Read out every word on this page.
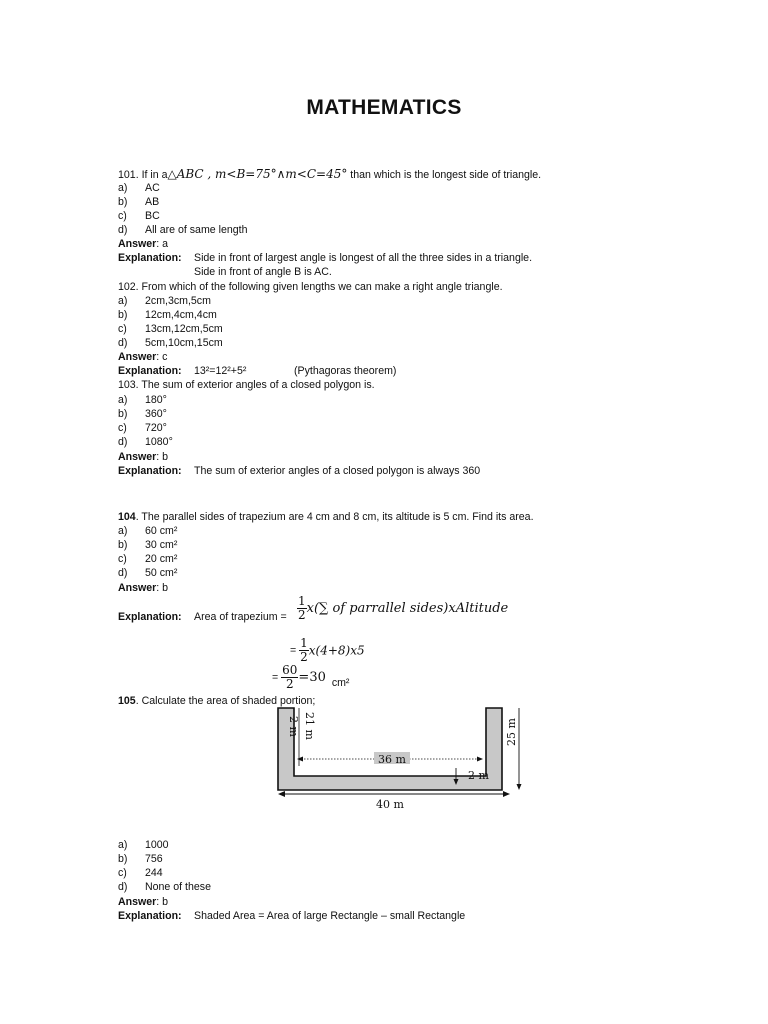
MATHEMATICS
101. If in a△ABC , m<B=75°∧m<C=45° than which is the longest side of triangle.
a) AC
b) AB
c) BC
d) All are of same length
Answer: a
Explanation: Side in front of largest angle is longest of all the three sides in a triangle.
Side in front of angle B is AC.
102. From which of the following given lengths we can make a right angle triangle.
a) 2cm,3cm,5cm
b) 12cm,4cm,4cm
c) 13cm,12cm,5cm
d) 5cm,10cm,15cm
Answer: c
Explanation: 13²=12²+5²	(Pythagoras theorem)
103. The sum of exterior angles of a closed polygon is.
a) 180°
b) 360°
c) 720°
d) 1080°
Answer: b
Explanation: The sum of exterior angles of a closed polygon is always 360
104. The parallel sides of trapezium are 4 cm and 8 cm, its altitude is 5 cm. Find its area.
a) 60 cm²
b) 30 cm²
c) 20 cm²
d) 50 cm²
Answer: b
Explanation: Area of trapezium = $\frac{1}{2} x(\sum$ of parrallel sides)xAltitude
= $\frac{1}{2} x(4+8)x5$
= $\frac{60}{2} =30$ cm²
105. Calculate the area of shaded portion;
2 m 21 m	25 m
36 m
2 m
40 m
a) 1000
b) 756
c) 244
d) None of these
Answer: b
Explanation: Shaded Area = Area of large Rectangle – small Rectangle
